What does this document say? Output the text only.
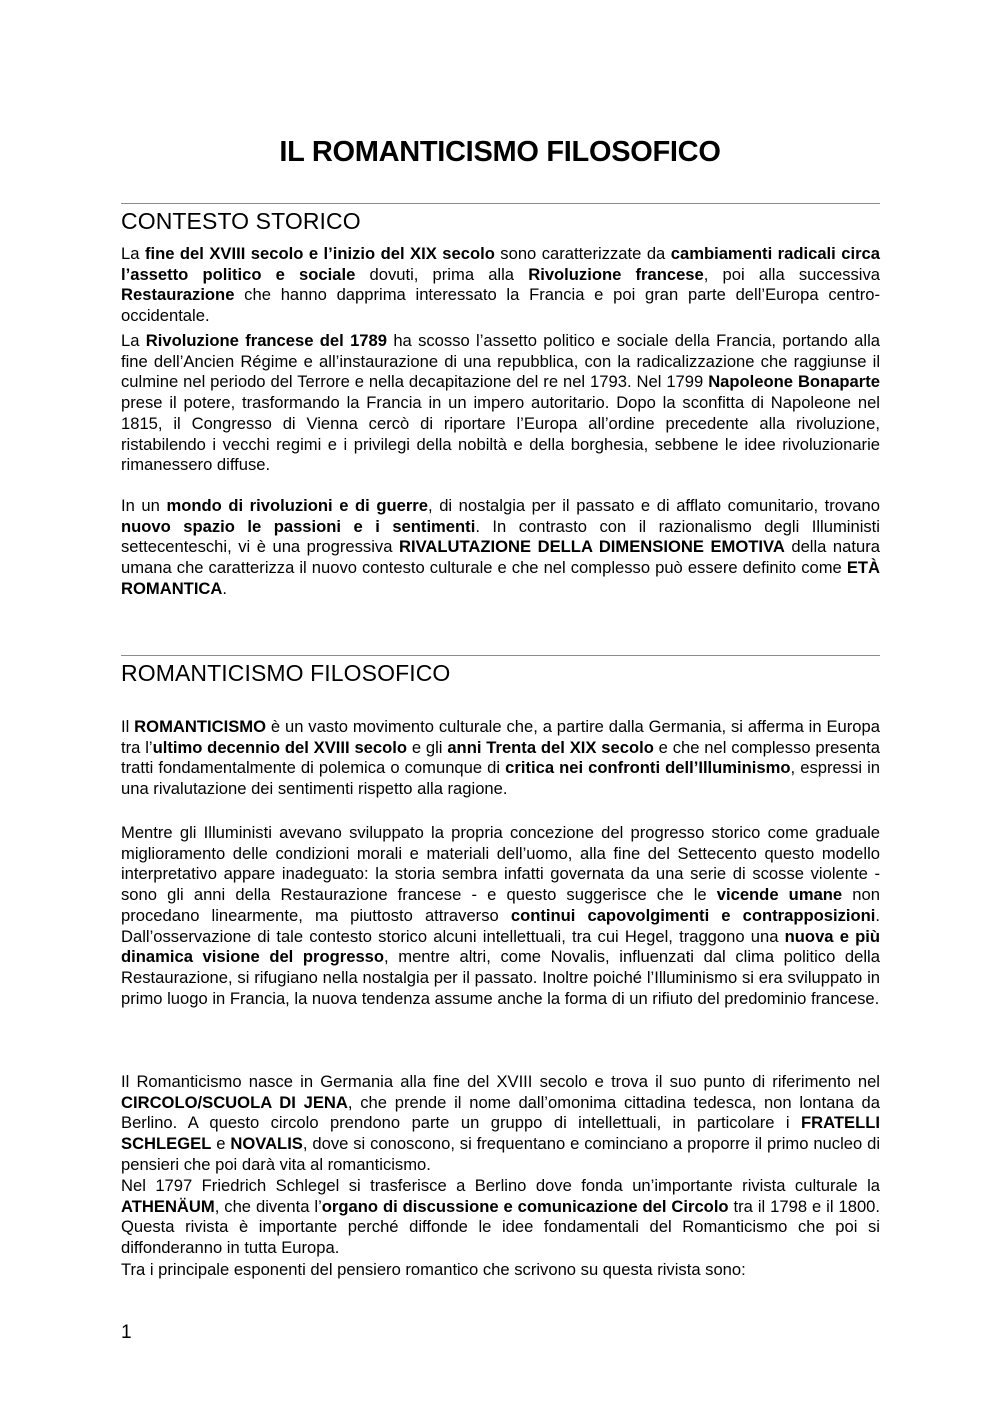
IL ROMANTICISMO FILOSOFICO
CONTESTO STORICO

La fine del XVIII secolo e l’inizio del XIX secolo sono caratterizzate da cambiamenti radicali circa l’assetto politico e sociale dovuti, prima alla Rivoluzione francese, poi alla successiva Restaurazione che hanno dapprima interessato la Francia e poi gran parte dell’Europa centro-occidentale.

La Rivoluzione francese del 1789 ha scosso l’assetto politico e sociale della Francia, portando alla fine dell’Ancien Régime e all’instaurazione di una repubblica, con la radicalizzazione che raggiunse il culmine nel periodo del Terrore e nella decapitazione del re nel 1793. Nel 1799 Napoleone Bonaparte prese il potere, trasformando la Francia in un impero autoritario. Dopo la sconfitta di Napoleone nel 1815, il Congresso di Vienna cercò di riportare l’Europa all’ordine precedente alla rivoluzione, ristabilendo i vecchi regimi e i privilegi della nobiltà e della borghesia, sebbene le idee rivoluzionarie rimanessero diffuse.

In un mondo di rivoluzioni e di guerre, di nostalgia per il passato e di afflato comunitario, trovano nuovo spazio le passioni e i sentimenti. In contrasto con il razionalismo degli Illuministi settecenteschi, vi è una progressiva RIVALUTAZIONE DELLA DIMENSIONE EMOTIVA della natura umana che caratterizza il nuovo contesto culturale e che nel complesso può essere definito come ETÀ ROMANTICA.

ROMANTICISMO FILOSOFICO

Il ROMANTICISMO è un vasto movimento culturale che, a partire dalla Germania, si afferma in Europa tra l’ultimo decennio del XVIII secolo e gli anni Trenta del XIX secolo e che nel complesso presenta tratti fondamentalmente di polemica o comunque di critica nei confronti dell’Illuminismo, espressi in una rivalutazione dei sentimenti rispetto alla ragione.

Mentre gli Illuministi avevano sviluppato la propria concezione del progresso storico come graduale miglioramento delle condizioni morali e materiali dell’uomo, alla fine del Settecento questo modello interpretativo appare inadeguato: la storia sembra infatti governata da una serie di scosse violente - sono gli anni della Restaurazione francese - e questo suggerisce che le vicende umane non procedano linearmente, ma piuttosto attraverso continui capovolgimenti e contrapposizioni. Dall’osservazione di tale contesto storico alcuni intellettuali, tra cui Hegel, traggono una nuova e più dinamica visione del progresso, mentre altri, come Novalis, influenzati dal clima politico della Restaurazione, si rifugiano nella nostalgia per il passato. Inoltre poiché l’Illuminismo si era sviluppato in primo luogo in Francia, la nuova tendenza assume anche la forma di un rifiuto del predominio francese.

Il Romanticismo nasce in Germania alla fine del XVIII secolo e trova il suo punto di riferimento nel CIRCOLO/SCUOLA DI JENA, che prende il nome dall’omonima cittadina tedesca, non lontana da Berlino. A questo circolo prendono parte un gruppo di intellettuali, in particolare i FRATELLI SCHLEGEL e NOVALIS, dove si conoscono, si frequentano e cominciano a proporre il primo nucleo di pensieri che poi darà vita al romanticismo.

Nel 1797 Friedrich Schlegel si trasferisce a Berlino dove fonda un’importante rivista culturale la ATHENÄUM, che diventa l’organo di discussione e comunicazione del Circolo tra il 1798 e il 1800. Questa rivista è importante perché diffonde le idee fondamentali del Romanticismo che poi si diffonderanno in tutta Europa.

Tra i principale esponenti del pensiero romantico che scrivono su questa rivista sono:

1
